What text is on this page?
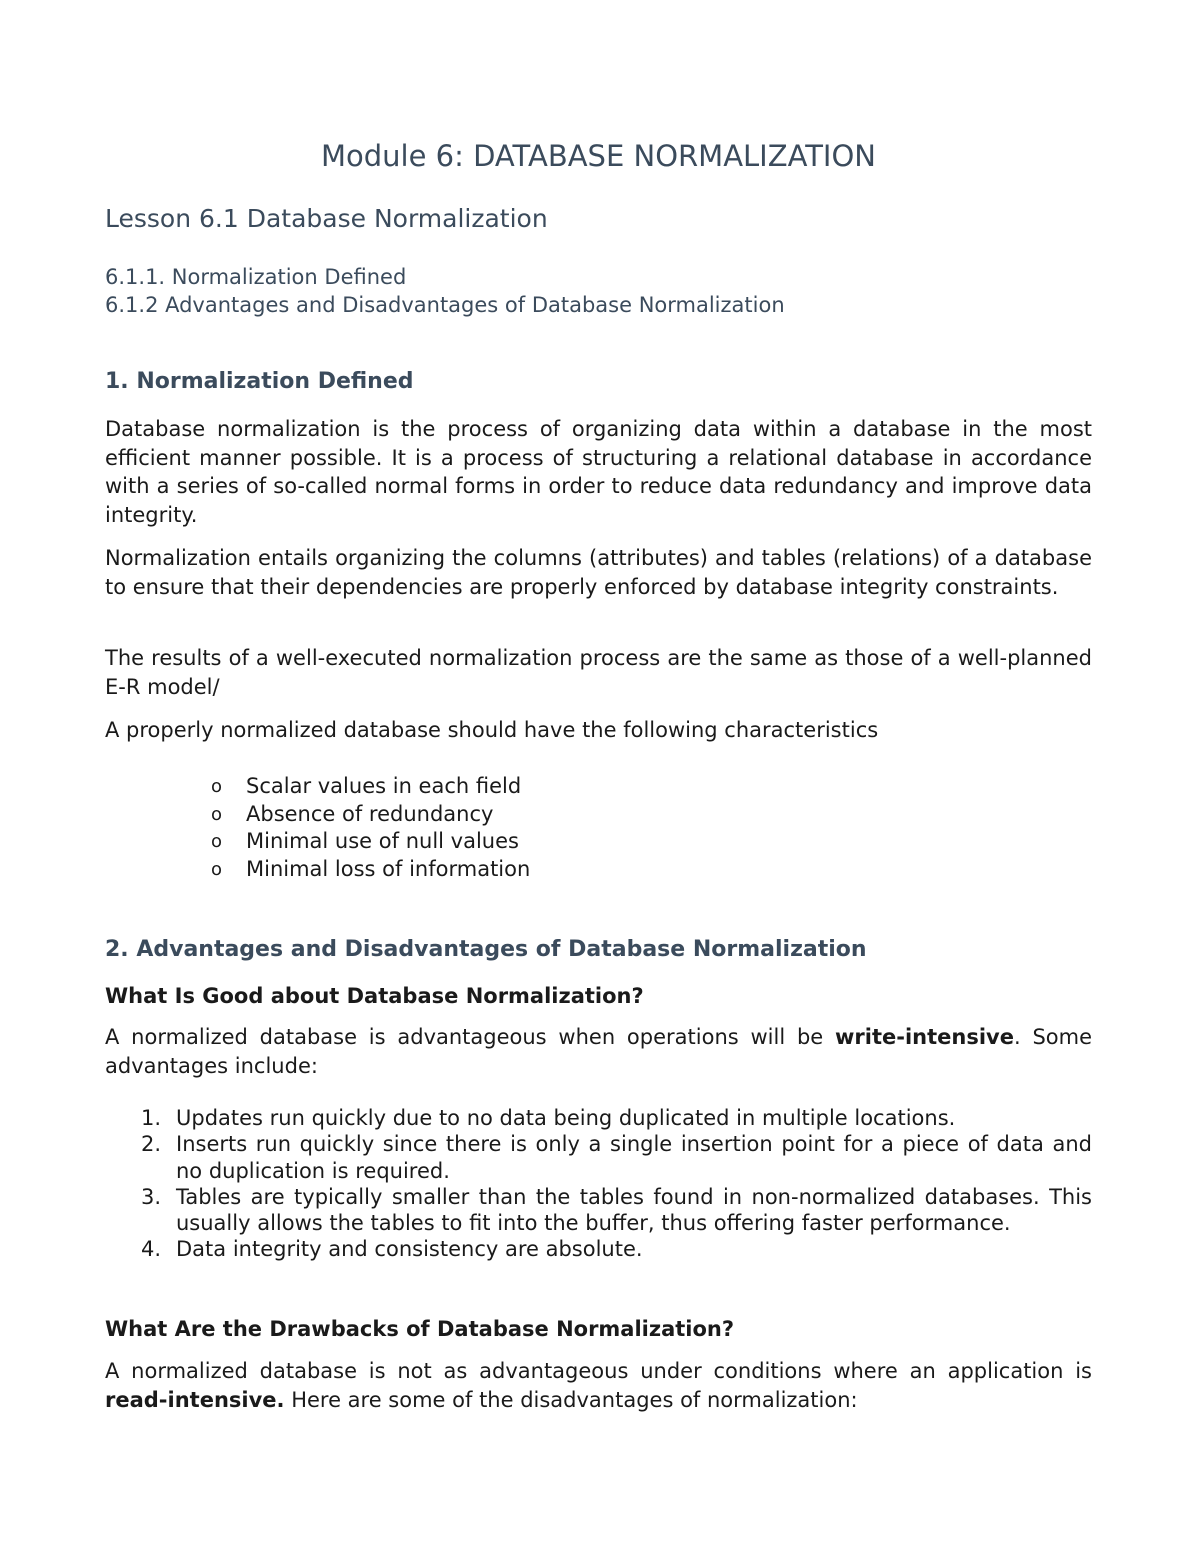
Module 6: DATABASE NORMALIZATION
Lesson 6.1 Database Normalization
6.1.1. Normalization Defined
6.1.2 Advantages and Disadvantages of Database Normalization
1. Normalization Defined

Database normalization is the process of organizing data within a database in the most efficient manner possible. It is a process of structuring a relational database in accordance with a series of so-called normal forms in order to reduce data redundancy and improve data integrity.

Normalization entails organizing the columns (attributes) and tables (relations) of a database to ensure that their dependencies are properly enforced by database integrity constraints.

The results of a well-executed normalization process are the same as those of a well-planned E-R model/

A properly normalized database should have the following characteristics

o Scalar values in each field
o Absence of redundancy
o Minimal use of null values
o Minimal loss of information
2. Advantages and Disadvantages of Database Normalization
What Is Good about Database Normalization?

A normalized database is advantageous when operations will be write-intensive. Some advantages include:

1. Updates run quickly due to no data being duplicated in multiple locations.
2. Inserts run quickly since there is only a single insertion point for a piece of data and no duplication is required.
3. Tables are typically smaller than the tables found in non-normalized databases. This usually allows the tables to fit into the buffer, thus offering faster performance.
4. Data integrity and consistency are absolute.
What Are the Drawbacks of Database Normalization?

A normalized database is not as advantageous under conditions where an application is read-intensive. Here are some of the disadvantages of normalization:
